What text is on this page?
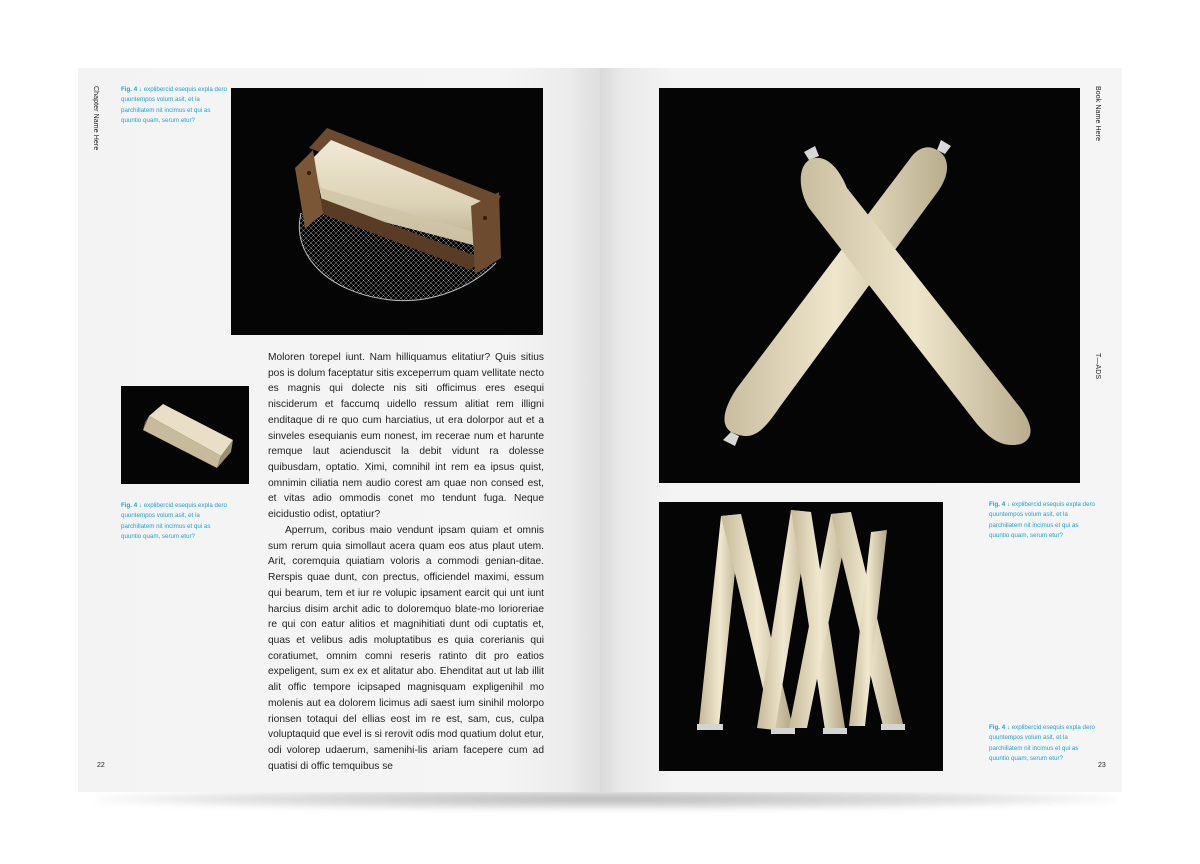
Chapter Name Here	Fig. 4 ↓ explibercid esequis expla dero quuntempos volum asit, et la parchillatem nit incimus et qui as quuntio quam, serum etur?
Fig. 4 ↓ explibercid esequis expla dero quuntempos volum asit, et la parchillatem nit incimus et qui as quuntio quam, serum etur?

Moloren torepel iunt. Nam hilliquamus elitatiur? Quis sitius pos is dolum faceptatur sitis exceperrum quam vellitate necto es magnis qui dolecte nis siti officimus eres esequi nisciderum et faccumq uidello ressum alitiat rem illigni enditaque di re quo cum harciatius, ut era dolorpor aut et a sinveles esequianis eum nonest, im recerae num et harunte remque laut acienduscit la debit vidunt ra dolesse quibusdam, optatio. Ximi, comnihil int rem ea ipsus quist, omnimin ciliatia nem audio corest am quae non consed est, et vitas adio ommodis conet mo tendunt fuga. Neque eicidustio odist, optatiur?

Aperrum, coribus maio vendunt ipsam quiam et omnis sum rerum quia simollaut acera quam eos atus plaut utem. Arit, coremquia quiatiam voloris a commodi genian-ditae. Rerspis quae dunt, con prectus, officiendel maximi, essum qui bearum, tem et iur re volupic ipsament earcit qui unt iunt harcius disim archit adic to doloremquo blate-mo lorioreriae re qui con eatur alitios et magnihitiati dunt odi cuptatis et, quas et velibus adis moluptatibus es quia corerianis qui coratiumet, omnim comni reseris ratinto dit pro eatios expeligent, sum ex ex et alitatur abo. Ehenditat aut ut lab illit alit offic tempore icipsaped magnisquam expligenihil mo molenis aut ea dolorem licimus adi saest ium sinihil molorpo rionsen totaqui del ellias eost im re est, sam, cus, culpa voluptaquid que evel is si rerovit odis mod quatium dolut etur, odi volorep udaerum, samenihi-lis ariam facepere cum ad quatisi di offic temquibus se

22
Book Name Here
T—ADS
Fig. 4 ↓ explibercid esequis expla dero quuntempos volum asit, et la parchillatem nit incimus et qui as quuntio quam, serum etur?
Fig. 4 ↓ explibercid esequis expla dero quuntempos volum asit, et la parchillatem nit incimus et qui as quuntio quam, serum etur?
23
